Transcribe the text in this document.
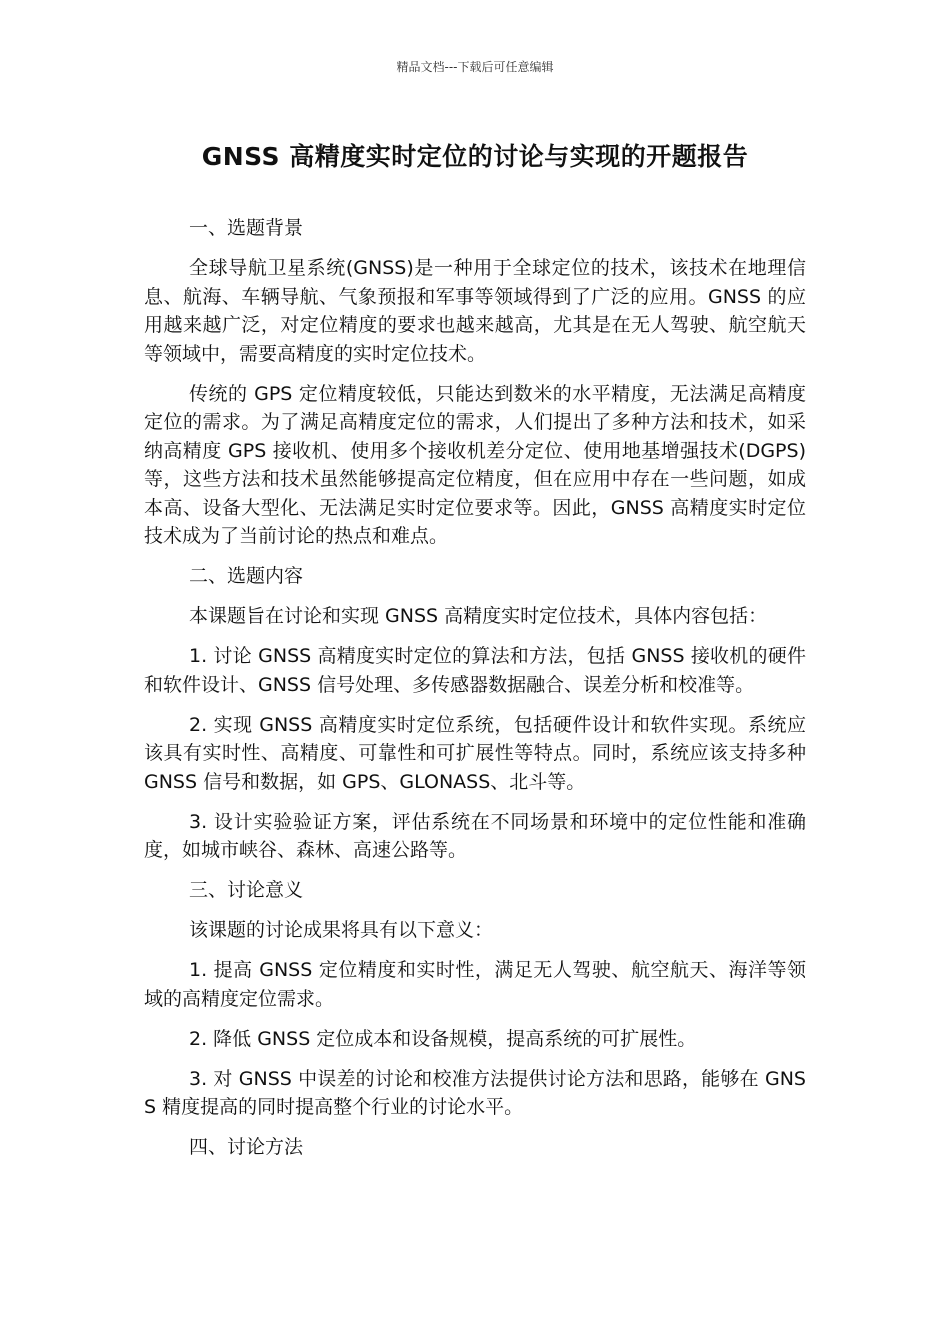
精品文档---下载后可任意编辑
GNSS 高精度实时定位的讨论与实现的开题报告

一、选题背景

全球导航卫星系统(GNSS)是一种用于全球定位的技术，该技术在地理信息、航海、车辆导航、气象预报和军事等领域得到了广泛的应用。GNSS 的应用越来越广泛，对定位精度的要求也越来越高，尤其是在无人驾驶、航空航天等领域中，需要高精度的实时定位技术。

传统的 GPS 定位精度较低，只能达到数米的水平精度，无法满足高精度定位的需求。为了满足高精度定位的需求，人们提出了多种方法和技术，如采纳高精度 GPS 接收机、使用多个接收机差分定位、使用地基增强技术(DGPS)等，这些方法和技术虽然能够提高定位精度，但在应用中存在一些问题，如成本高、设备大型化、无法满足实时定位要求等。因此，GNSS 高精度实时定位技术成为了当前讨论的热点和难点。

二、选题内容

本课题旨在讨论和实现 GNSS 高精度实时定位技术，具体内容包括：

1. 讨论 GNSS 高精度实时定位的算法和方法，包括 GNSS 接收机的硬件和软件设计、GNSS 信号处理、多传感器数据融合、误差分析和校准等。

2. 实现 GNSS 高精度实时定位系统，包括硬件设计和软件实现。系统应该具有实时性、高精度、可靠性和可扩展性等特点。同时，系统应该支持多种 GNSS 信号和数据，如 GPS、GLONASS、北斗等。

3. 设计实验验证方案，评估系统在不同场景和环境中的定位性能和准确度，如城市峡谷、森林、高速公路等。

三、讨论意义

该课题的讨论成果将具有以下意义：

1. 提高 GNSS 定位精度和实时性，满足无人驾驶、航空航天、海洋等领域的高精度定位需求。

2. 降低 GNSS 定位成本和设备规模，提高系统的可扩展性。

3. 对 GNSS 中误差的讨论和校准方法提供讨论方法和思路，能够在 GNSS 精度提高的同时提高整个行业的讨论水平。

四、讨论方法
